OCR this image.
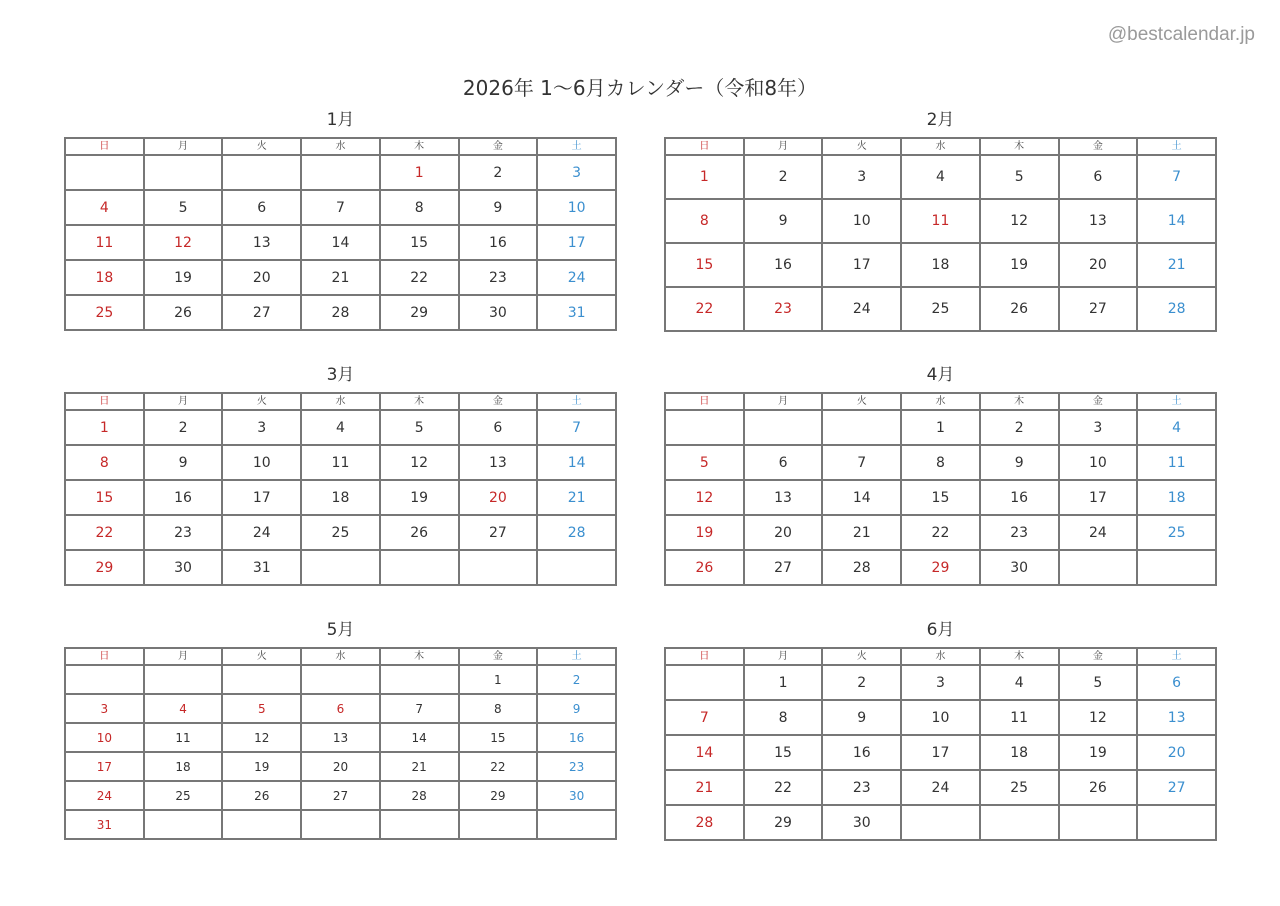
@bestcalendar.jp
2026年 1〜6月カレンダー（令和8年）
1月
日	月	火	水	木	金	土
				1	2	3
4	5	6	7	8	9	10
11	12	13	14	15	16	17
18	19	20	21	22	23	24
25	26	27	28	29	30	31
2月
日	月	火	水	木	金	土
1	2	3	4	5	6	7
8	9	10	11	12	13	14
15	16	17	18	19	20	21
22	23	24	25	26	27	28
3月
日	月	火	水	木	金	土
1	2	3	4	5	6	7
8	9	10	11	12	13	14
15	16	17	18	19	20	21
22	23	24	25	26	27	28
29	30	31				
4月
日	月	火	水	木	金	土
			1	2	3	4
5	6	7	8	9	10	11
12	13	14	15	16	17	18
19	20	21	22	23	24	25
26	27	28	29	30		
5月
日	月	火	水	木	金	土
					1	2
3	4	5	6	7	8	9
10	11	12	13	14	15	16
17	18	19	20	21	22	23
24	25	26	27	28	29	30
31						
6月
日	月	火	水	木	金	土
	1	2	3	4	5	6
7	8	9	10	11	12	13
14	15	16	17	18	19	20
21	22	23	24	25	26	27
28	29	30				
